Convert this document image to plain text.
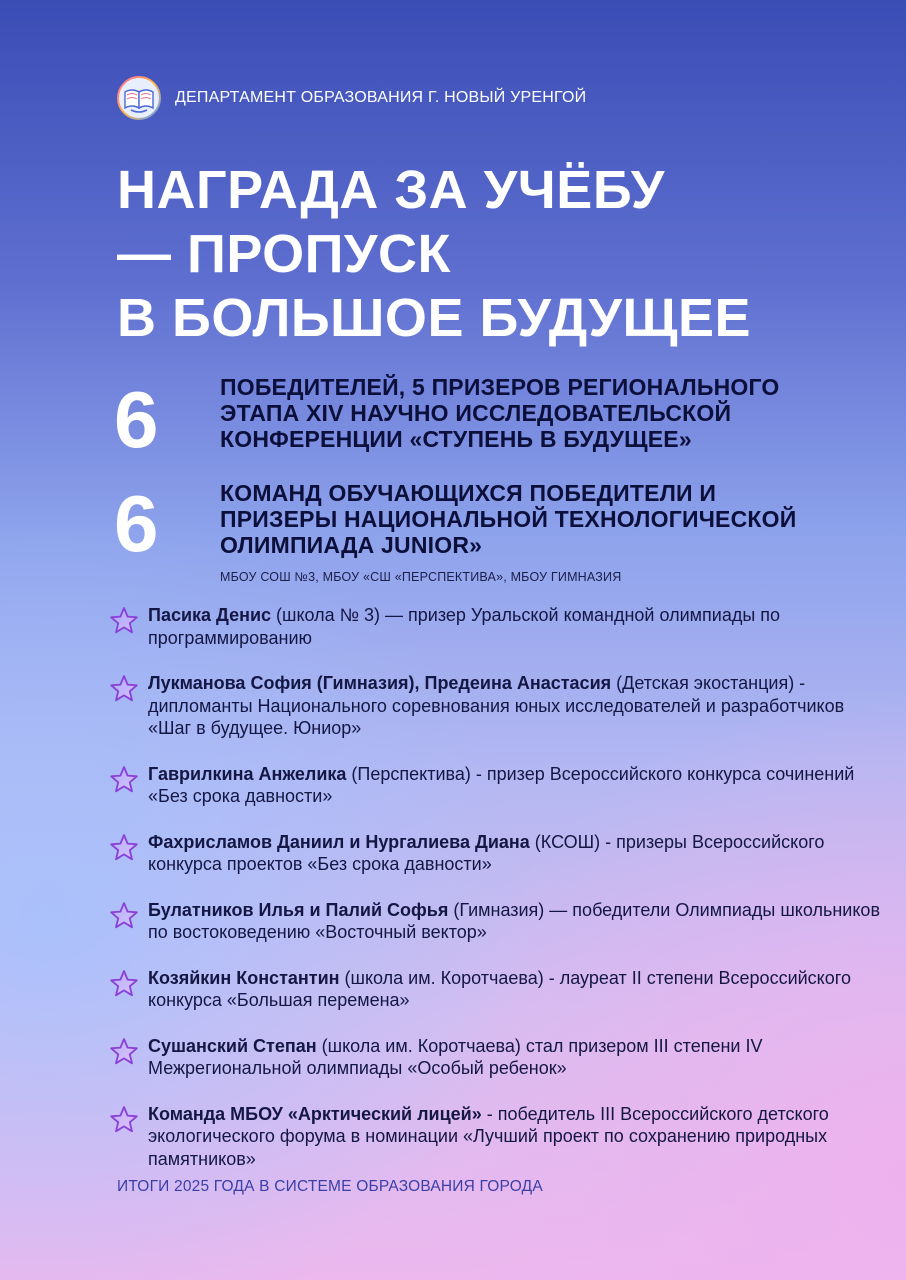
ДЕПАРТАМЕНТ ОБРАЗОВАНИЯ Г. НОВЫЙ УРЕНГОЙ
НАГРАДА ЗА УЧЁБУ
— ПРОПУСК
В БОЛЬШОЕ БУДУЩЕЕ
6	ПОБЕДИТЕЛЕЙ, 5 ПРИЗЕРОВ РЕГИОНАЛЬНОГО
ЭТАПА XIV НАУЧНО ИССЛЕДОВАТЕЛЬСКОЙ
КОНФЕРЕНЦИИ «СТУПЕНЬ В БУДУЩЕЕ»
6	КОМАНД ОБУЧАЮЩИХСЯ ПОБЕДИТЕЛИ И
ПРИЗЕРЫ НАЦИОНАЛЬНОЙ ТЕХНОЛОГИЧЕСКОЙ
ОЛИМПИАДА JUNIOR»
МБОУ СОШ №3, МБОУ «СШ «ПЕРСПЕКТИВА», МБОУ ГИМНАЗИЯ
Пасика Денис (школа № 3) — призер Уральской командной олимпиады по программированию
Лукманова София (Гимназия), Предеина Анастасия (Детская экостанция) - дипломанты Национального соревнования юных исследователей и разработчиков «Шаг в будущее. Юниор»
Гаврилкина Анжелика (Перспектива) - призер Всероссийского конкурса сочинений «Без срока давности»
Фахрисламов Даниил и Нургалиева Диана (КСОШ) - призеры Всероссийского конкурса проектов «Без срока давности»
Булатников Илья и Палий Софья (Гимназия) — победители Олимпиады школьников по востоковедению «Восточный вектор»
Козяйкин Константин (школа им. Коротчаева) - лауреат II степени Всероссийского конкурса «Большая перемена»
Сушанский Степан (школа им. Коротчаева) стал призером III степени IV Межрегиональной олимпиады «Особый ребенок»
Команда МБОУ «Арктический лицей» - победитель III Всероссийского детского экологического форума в номинации «Лучший проект по сохранению природных памятников»
ИТОГИ 2025 ГОДА В СИСТЕМЕ ОБРАЗОВАНИЯ ГОРОДА
